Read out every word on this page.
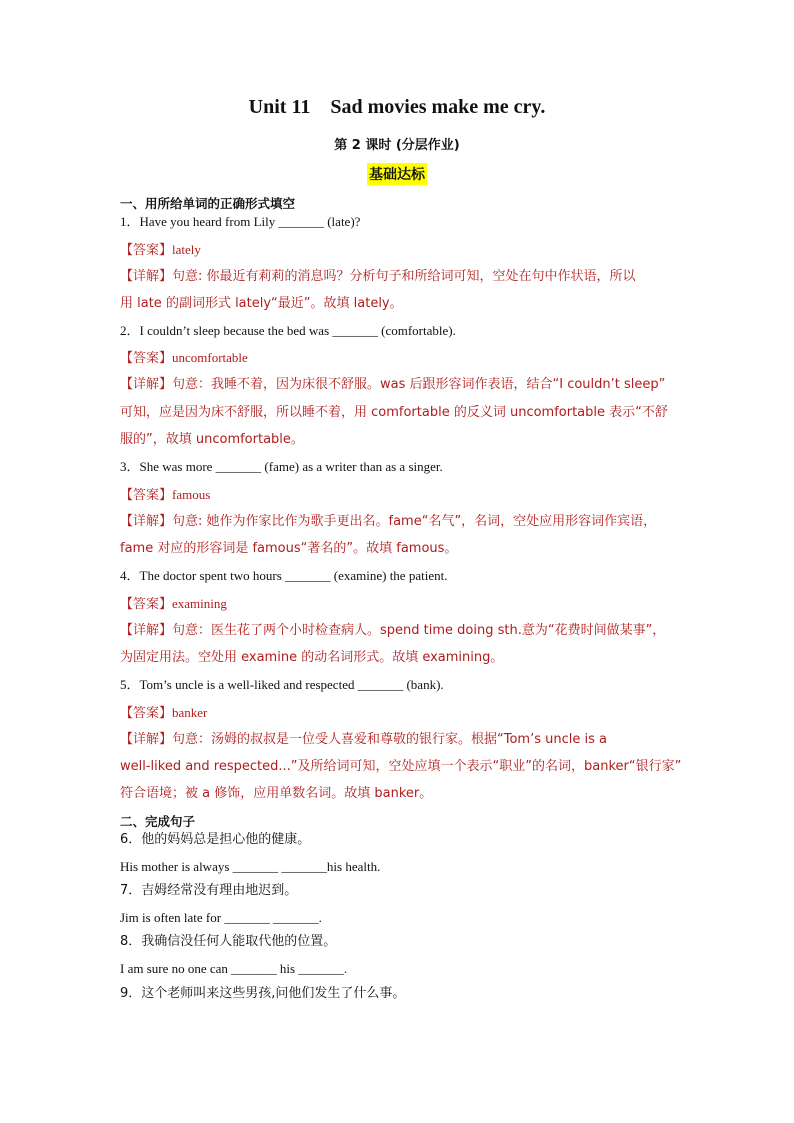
Unit 11    Sad movies make me cry.
第 2 课时 (分层作业)
基础达标
一、用所给单词的正确形式填空
1．Have you heard from Lily _______ (late)?
【答案】lately
【详解】句意: 你最近有莉莉的消息吗？分析句子和所给词可知，空处在句中作状语，所以
用 late 的副词形式 lately“最近”。故填 lately。
2．I couldn’t sleep because the bed was _______ (comfortable).
【答案】uncomfortable
【详解】句意：我睡不着，因为床很不舒服。was 后跟形容词作表语，结合“I couldn’t sleep”
可知，应是因为床不舒服，所以睡不着，用 comfortable 的反义词 uncomfortable 表示“不舒
服的”，故填 uncomfortable。
3．She was more _______ (fame) as a writer than as a singer.
【答案】famous
【详解】句意: 她作为作家比作为歌手更出名。fame“名气”，名词，空处应用形容词作宾语，
fame 对应的形容词是 famous“著名的”。故填 famous。
4．The doctor spent two hours _______ (examine) the patient.
【答案】examining
【详解】句意：医生花了两个小时检查病人。spend time doing sth.意为“花费时间做某事”，
为固定用法。空处用 examine 的动名词形式。故填 examining。
5．Tom’s uncle is a well-liked and respected _______ (bank).
【答案】banker
【详解】句意：汤姆的叔叔是一位受人喜爱和尊敬的银行家。根据“Tom’s uncle is a
well-liked and respected...”及所给词可知，空处应填一个表示“职业”的名词，banker“银行家”
符合语境；被 a 修饰，应用单数名词。故填 banker。
二、完成句子
6．他的妈妈总是担心他的健康。
His mother is always _______ _______his health.
7．吉姆经常没有理由地迟到。
Jim is often late for _______ _______.
8．我确信没任何人能取代他的位置。
I am sure no one can _______ his _______.
9．这个老师叫来这些男孩,问他们发生了什么事。
